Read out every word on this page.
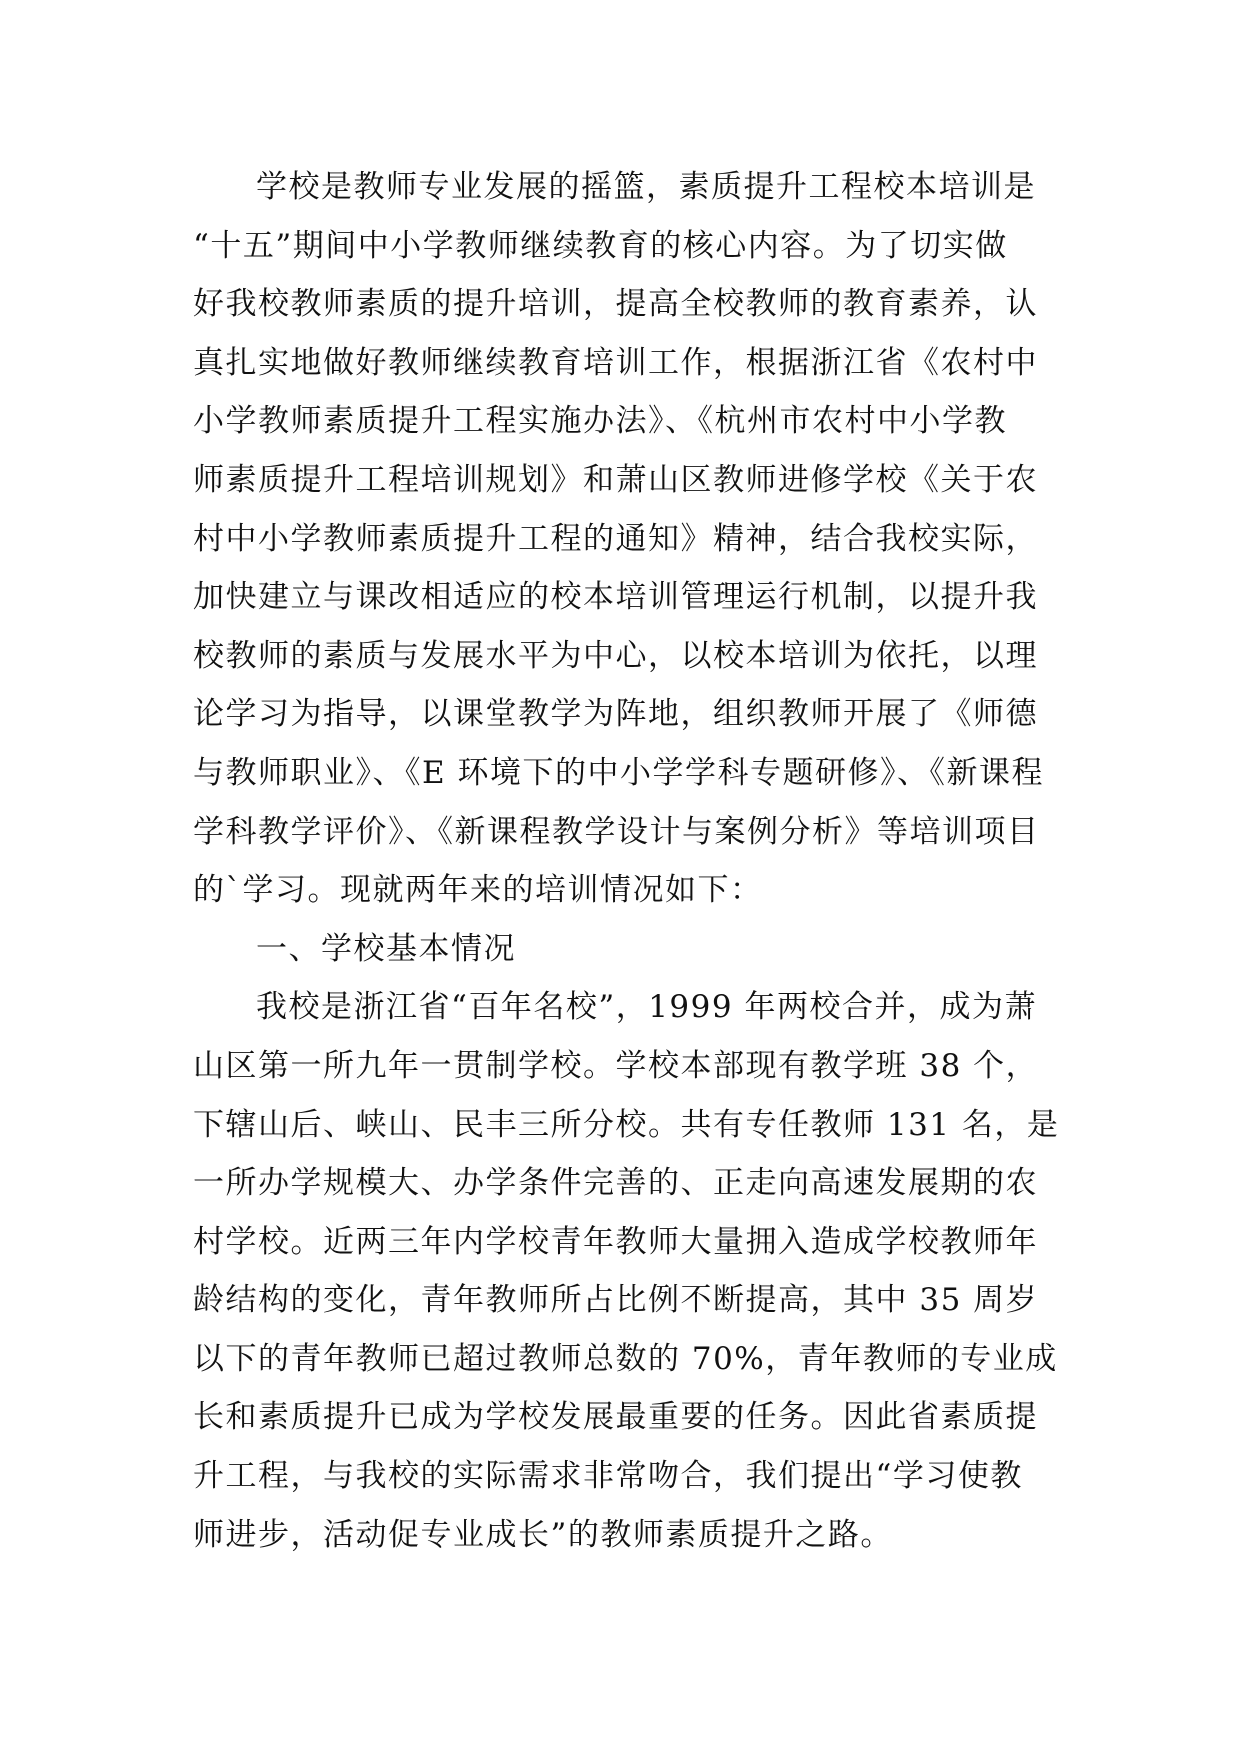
学校是教师专业发展的摇篮，素质提升工程校本培训是
“十五”期间中小学教师继续教育的核心内容。为了切实做
好我校教师素质的提升培训，提高全校教师的教育素养，认
真扎实地做好教师继续教育培训工作，根据浙江省《农村中
小学教师素质提升工程实施办法》、《杭州市农村中小学教
师素质提升工程培训规划》和萧山区教师进修学校《关于农
村中小学教师素质提升工程的通知》精神，结合我校实际，
加快建立与课改相适应的校本培训管理运行机制，以提升我
校教师的素质与发展水平为中心，以校本培训为依托，以理
论学习为指导，以课堂教学为阵地，组织教师开展了《师德
与教师职业》、《E 环境下的中小学学科专题研修》、《新课程
学科教学评价》、《新课程教学设计与案例分析》等培训项目
的`学习。现就两年来的培训情况如下：
一、学校基本情况
我校是浙江省“百年名校”，1999 年两校合并，成为萧
山区第一所九年一贯制学校。学校本部现有教学班 38 个，
下辖山后、峡山、民丰三所分校。共有专任教师 131 名，是
一所办学规模大、办学条件完善的、正走向高速发展期的农
村学校。近两三年内学校青年教师大量拥入造成学校教师年
龄结构的变化，青年教师所占比例不断提高，其中 35 周岁
以下的青年教师已超过教师总数的 70%，青年教师的专业成
长和素质提升已成为学校发展最重要的任务。因此省素质提
升工程，与我校的实际需求非常吻合，我们提出“学习使教
师进步，活动促专业成长”的教师素质提升之路。
